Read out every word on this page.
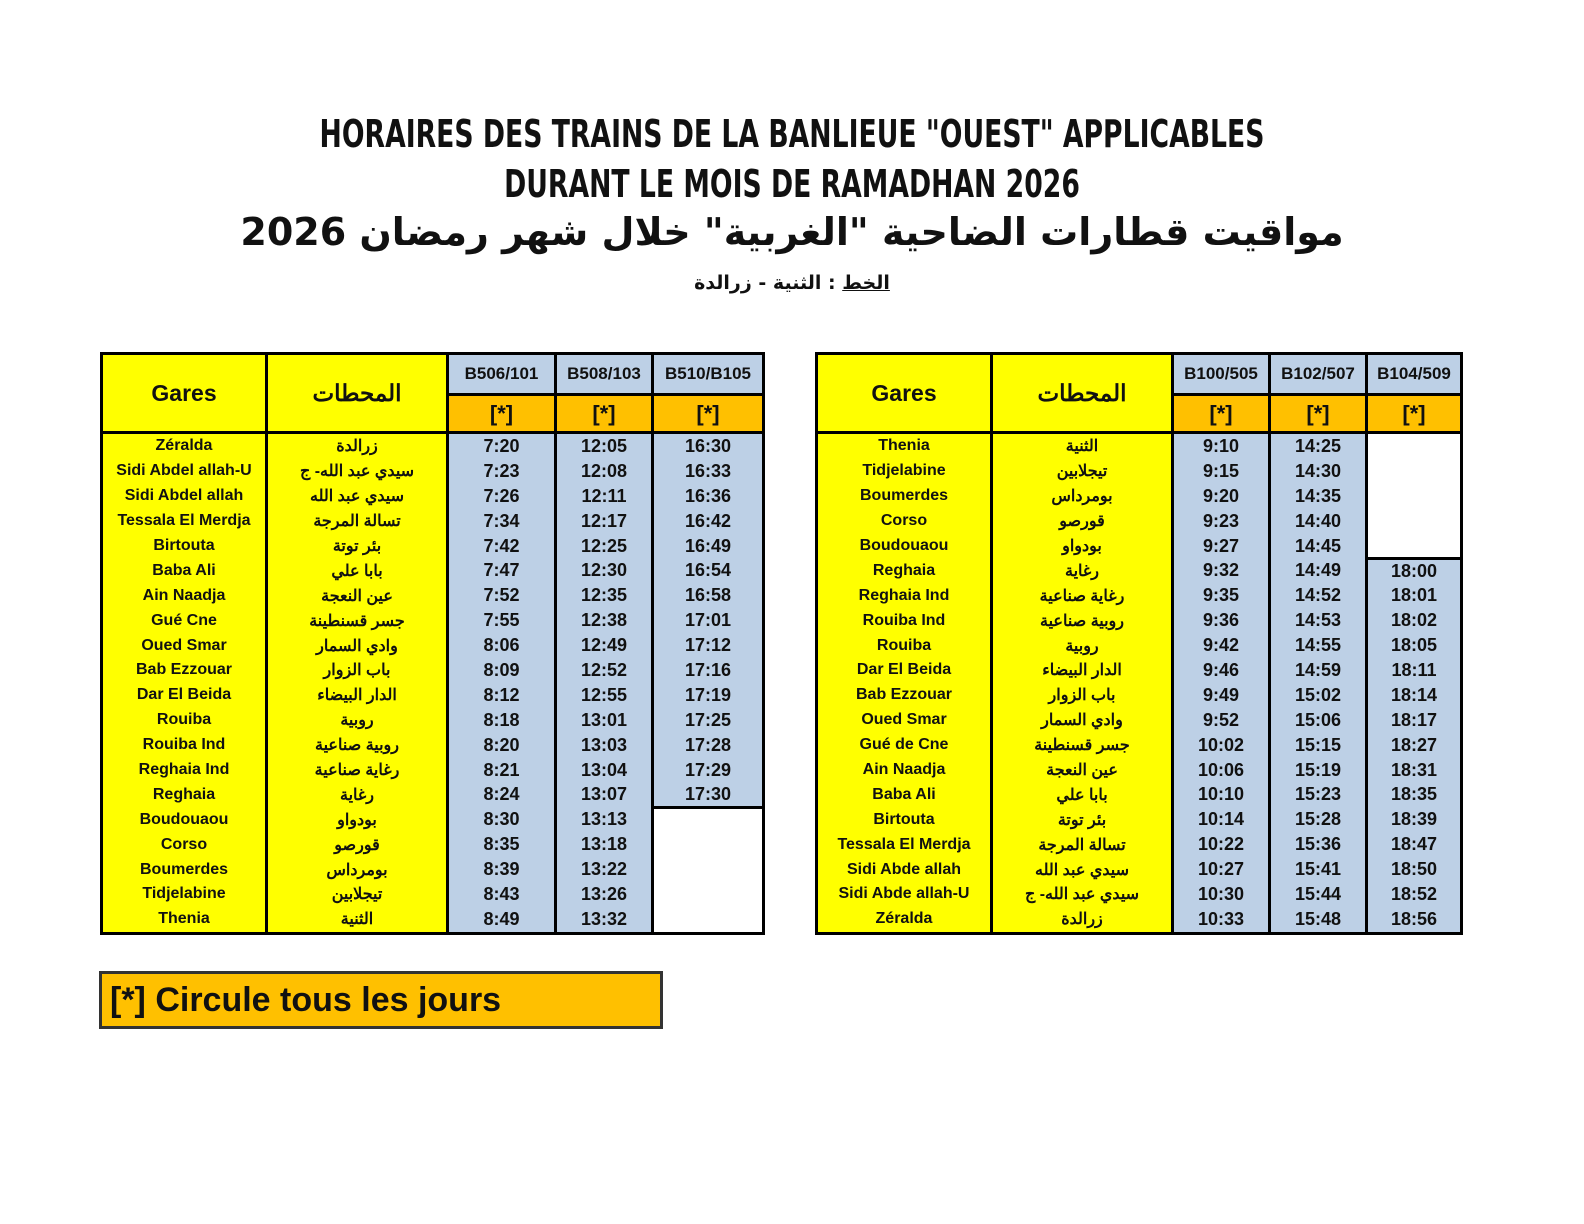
HORAIRES DES TRAINS DE LA BANLIEUE "OUEST" APPLICABLES
DURANT LE MOIS DE RAMADHAN 2026
مواقيت قطارات الضاحية "الغربية" خلال شهر رمضان 2026
الخط : الثنية - زرالدة
Gares	المحطات	B506/101	B508/103	B510/B105
		[*]	[*]	[*]
Zéralda	زرالدة	7:20	12:05	16:30
Sidi Abdel allah-U	سيدي عبد الله- ج	7:23	12:08	16:33
Sidi Abdel allah	سيدي عبد الله	7:26	12:11	16:36
Tessala El Merdja	تسالة المرجة	7:34	12:17	16:42
Birtouta	بئر توتة	7:42	12:25	16:49
Baba Ali	بابا علي	7:47	12:30	16:54
Ain Naadja	عين النعجة	7:52	12:35	16:58
Gué Cne	جسر قسنطينة	7:55	12:38	17:01
Oued Smar	وادي السمار	8:06	12:49	17:12
Bab Ezzouar	باب الزوار	8:09	12:52	17:16
Dar El Beida	الدار البيضاء	8:12	12:55	17:19
Rouiba	روبية	8:18	13:01	17:25
Rouiba Ind	روبية صناعية	8:20	13:03	17:28
Reghaia Ind	رغاية صناعية	8:21	13:04	17:29
Reghaia	رغاية	8:24	13:07	17:30
Boudouaou	بودواو	8:30	13:13	
Corso	قورصو	8:35	13:18	
Boumerdes	بومرداس	8:39	13:22	
Tidjelabine	تيجلابين	8:43	13:26	
Thenia	الثنية	8:49	13:32	
Gares	المحطات	B100/505	B102/507	B104/509
		[*]	[*]	[*]
Thenia	الثنية	9:10	14:25	
Tidjelabine	تيجلابين	9:15	14:30	
Boumerdes	بومرداس	9:20	14:35	
Corso	قورصو	9:23	14:40	
Boudouaou	بودواو	9:27	14:45	
Reghaia	رغاية	9:32	14:49	18:00
Reghaia Ind	رغاية صناعية	9:35	14:52	18:01
Rouiba Ind	روبية صناعية	9:36	14:53	18:02
Rouiba	روبية	9:42	14:55	18:05
Dar El Beida	الدار البيضاء	9:46	14:59	18:11
Bab Ezzouar	باب الزوار	9:49	15:02	18:14
Oued Smar	وادي السمار	9:52	15:06	18:17
Gué de Cne	جسر قسنطينة	10:02	15:15	18:27
Ain Naadja	عين النعجة	10:06	15:19	18:31
Baba Ali	بابا علي	10:10	15:23	18:35
Birtouta	بئر توتة	10:14	15:28	18:39
Tessala El Merdja	تسالة المرجة	10:22	15:36	18:47
Sidi Abde allah	سيدي عبد الله	10:27	15:41	18:50
Sidi Abde allah-U	سيدي عبد الله- ج	10:30	15:44	18:52
Zéralda	زرالدة	10:33	15:48	18:56
[*] Circule tous les jours
